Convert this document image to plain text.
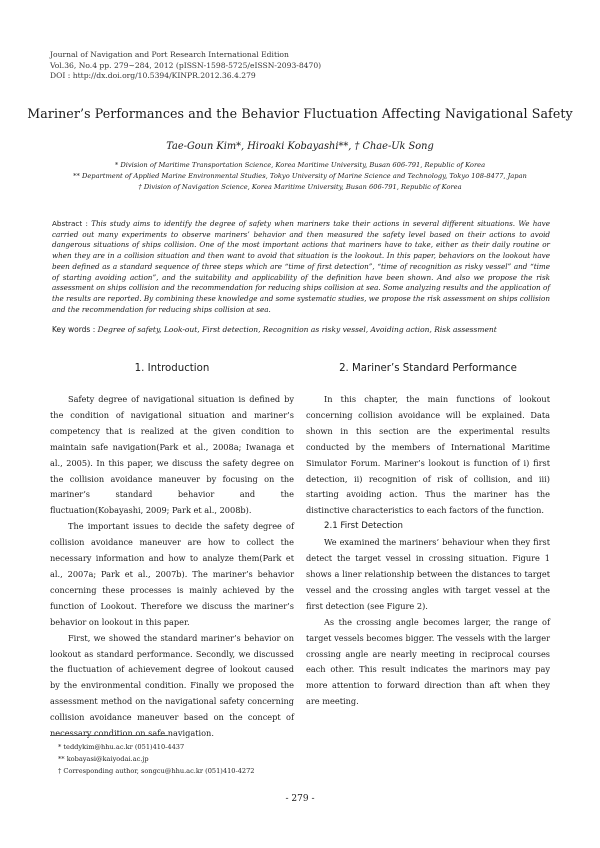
Journal of Navigation and Port Research International Edition
Vol.36, No.4 pp. 279~284, 2012 (pISSN-1598-5725/eISSN-2093-8470)
DOI : http://dx.doi.org/10.5394/KINPR.2012.36.4.279
Mariner’s Performances and the Behavior Fluctuation Affecting Navigational Safety
Tae-Goun Kim*, Hiroaki Kobayashi**, † Chae-Uk Song
* Division of Maritime Transportation Science, Korea Maritime University, Busan 606-791, Republic of Korea
** Department of Applied Marine Environmental Studies, Tokyo University of Marine Science and Technology, Tokyo 108-8477, Japan
† Division of Navigation Science, Korea Maritime University, Busan 606-791, Republic of Korea
Abstract : This study aims to identify the degree of safety when mariners take their actions in several different situations. We have carried out many experiments to observe mariners’ behavior and then measured the safety level based on their actions to avoid dangerous situations of ships collision. One of the most important actions that mariners have to take, either as their daily routine or when they are in a collision situation and then want to avoid that situation is the lookout. In this paper, behaviors on the lookout have been defined as a standard sequence of three steps which are “time of first detection”, “time of recognition as risky vessel” and “time of starting avoiding action”, and the suitability and applicability of the definition have been shown. And also we propose the risk assessment on ships collision and the recommendation for reducing ships collision at sea. Some analyzing results and the application of the results are reported. By combining these knowledge and some systematic studies, we propose the risk assessment on ships collision and the recommendation for reducing ships collision at sea.
Key words : Degree of safety, Look-out, First detection, Recognition as risky vessel, Avoiding action, Risk assessment
1. Introduction	2. Mariner’s Standard Performance

Safety degree of navigational situation is defined by the condition of navigational situation and mariner’s competency that is realized at the given condition to maintain safe navigation(Park et al., 2008a; Iwanaga et al., 2005). In this paper, we discuss the safety degree on the collision avoidance maneuver by focusing on the mariner’s standard behavior and the fluctuation(Kobayashi, 2009; Park et al., 2008b).

The important issues to decide the safety degree of collision avoidance maneuver are how to collect the necessary information and how to analyze them(Park et al., 2007a; Park et al., 2007b). The mariner’s behavior concerning these processes is mainly achieved by the function of Lookout. Therefore we discuss the mariner’s behavior on lookout in this paper.

First, we showed the standard mariner’s behavior on lookout as standard performance. Secondly, we discussed the fluctuation of achievement degree of lookout caused by the environmental condition. Finally we proposed the assessment method on the navigational safety concerning collision avoidance maneuver based on the concept of necessary condition on safe navigation.

In this chapter, the main functions of lookout concerning collision avoidance will be explained. Data shown in this section are the experimental results conducted by the members of International Maritime Simulator Forum. Mariner’s lookout is function of i) first detection, ii) recognition of risk of collision, and iii) starting avoiding action. Thus the mariner has the distinctive characteristics to each factors of the function.

2.1 First Detection

We examined the mariners’ behaviour when they first detect the target vessel in crossing situation. Figure 1 shows a liner relationship between the distances to target vessel and the crossing angles with target vessel at the first detection (see Figure 2).

As the crossing angle becomes larger, the range of target vessels becomes bigger. The vessels with the larger crossing angle are nearly meeting in reciprocal courses each other. This result indicates the marinors may pay more attention to forward direction than aft when they are meeting.

* teddykim@hhu.ac.kr (051)410-4437
** kobayasi@kaiyodai.ac.jp
† Corresponding author, songcu@hhu.ac.kr (051)410-4272
- 279 -
